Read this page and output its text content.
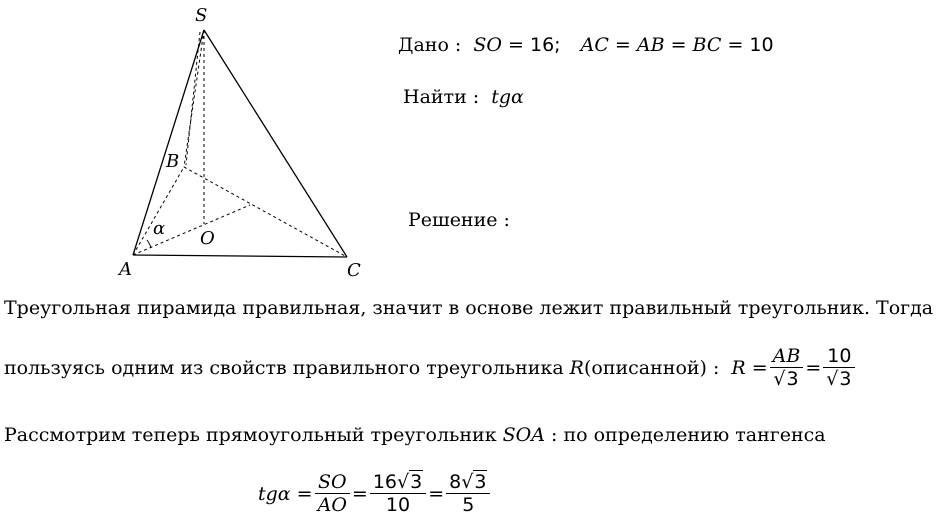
S
B
O
α
A	C
Дано : SO = 16; AC = AB = BC = 10
Найти : tgα
Решение :
Треугольная пирамида правильная, значит в основе лежит правильный треугольник. Тогда
пользуясь одним из свойств правильного треугольника R (описанной) : $R = \frac{AB}{√3} = \frac{10}{√3}$
Рассмотрим теперь прямоугольный треугольник SOA : по определению тангенса
$tg\alpha = \frac{SO}{AO} = \frac{16√3}{10} = \frac{8√3}{5}$
